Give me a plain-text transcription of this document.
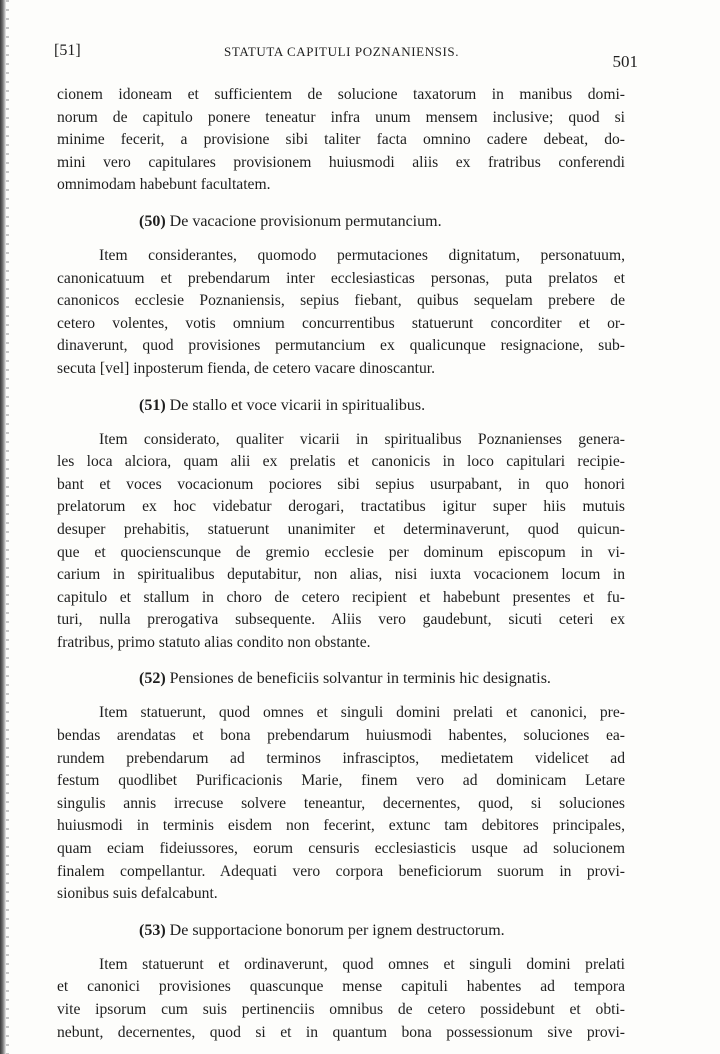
[51]	STATUTA CAPITULI POZNANIENSIS.
501
cionem idoneam et sufficientem de solucione taxatorum in manibus domi-
norum de capitulo ponere teneatur infra unum mensem inclusive; quod si
minime fecerit, a provisione sibi taliter facta omnino cadere debeat, do-
mini vero capitulares provisionem huiusmodi aliis ex fratribus conferendi
omnimodam habebunt facultatem.
(50) De vacacione provisionum permutancium.
Item considerantes, quomodo permutaciones dignitatum, personatuum,
canonicatuum et prebendarum inter ecclesiasticas personas, puta prelatos et
canonicos ecclesie Poznaniensis, sepius fiebant, quibus sequelam prebere de
cetero volentes, votis omnium concurrentibus statuerunt concorditer et or-
dinaverunt, quod provisiones permutancium ex qualicunque resignacione, sub-
secuta [vel] inposterum fienda, de cetero vacare dinoscantur.
(51) De stallo et voce vicarii in spiritualibus.
Item considerato, qualiter vicarii in spiritualibus Poznanienses genera-
les loca alciora, quam alii ex prelatis et canonicis in loco capitulari recipie-
bant et voces vocacionum pociores sibi sepius usurpabant, in quo honori
prelatorum ex hoc videbatur derogari, tractatibus igitur super hiis mutuis
desuper prehabitis, statuerunt unanimiter et determinaverunt, quod quicun-
que et quocienscunque de gremio ecclesie per dominum episcopum in vi-
carium in spiritualibus deputabitur, non alias, nisi iuxta vocacionem locum in
capitulo et stallum in choro de cetero recipient et habebunt presentes et fu-
turi, nulla prerogativa subsequente. Aliis vero gaudebunt, sicuti ceteri ex
fratribus, primo statuto alias condito non obstante.
(52) Pensiones de beneficiis solvantur in terminis hic designatis.
Item statuerunt, quod omnes et singuli domini prelati et canonici, pre-
bendas arendatas et bona prebendarum huiusmodi habentes, soluciones ea-
rundem prebendarum ad terminos infrasciptos, medietatem videlicet ad
festum quodlibet Purificacionis Marie, finem vero ad dominicam Letare
singulis annis irrecuse solvere teneantur, decernentes, quod, si soluciones
huiusmodi in terminis eisdem non fecerint, extunc tam debitores principales,
quam eciam fideiussores, eorum censuris ecclesiasticis usque ad solucionem
finalem compellantur. Adequati vero corpora beneficiorum suorum in provi-
sionibus suis defalcabunt.
(53) De supportacione bonorum per ignem destructorum.
Item statuerunt et ordinaverunt, quod omnes et singuli domini prelati
et canonici provisiones quascunque mense capituli habentes ad tempora
vite ipsorum cum suis pertinenciis omnibus de cetero possidebunt et obti-
nebunt, decernentes, quod si et in quantum bona possessionum sive provi-
